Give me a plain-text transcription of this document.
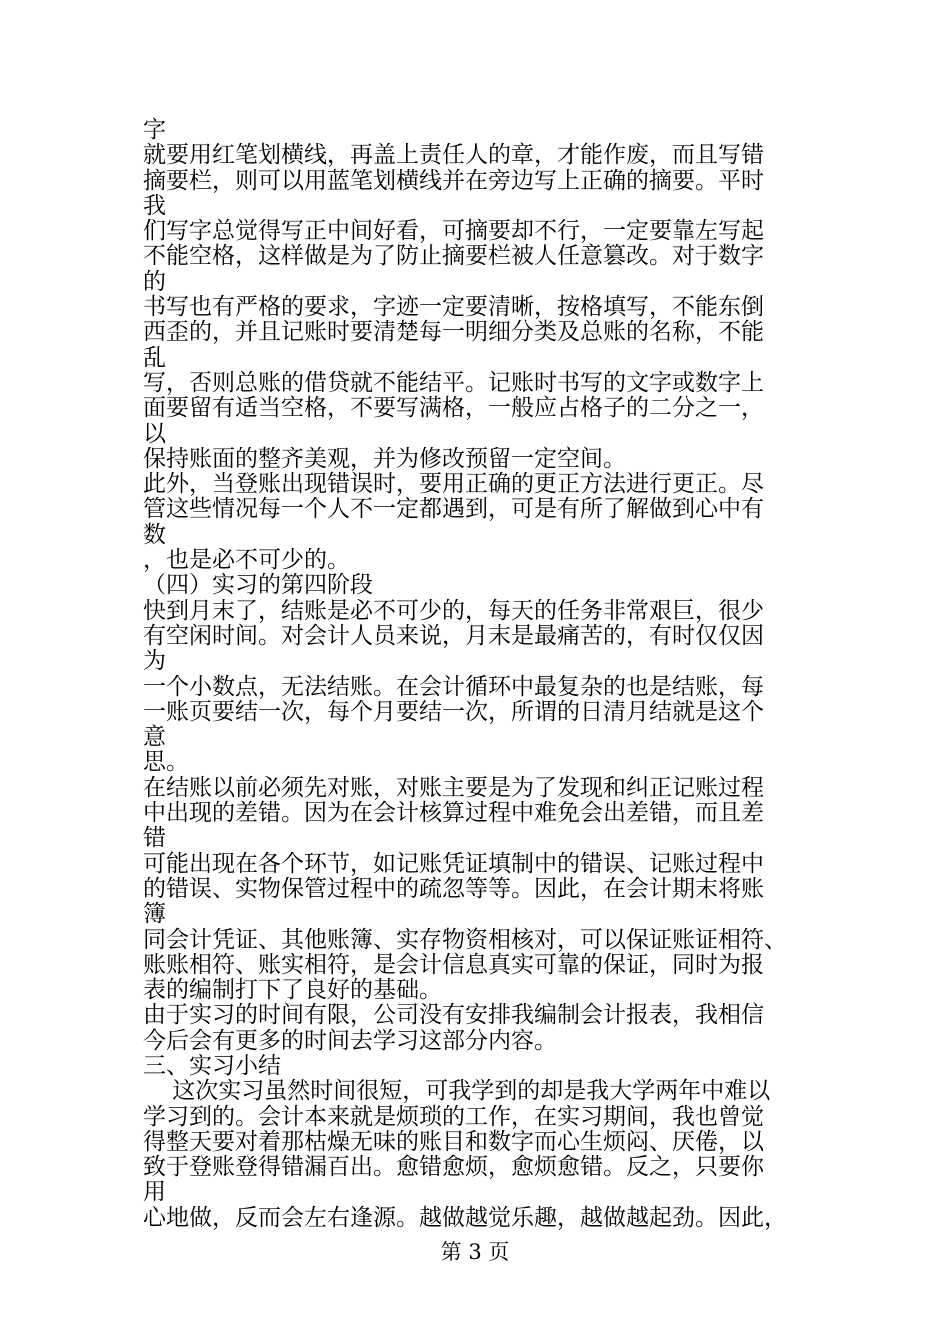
字
就要用红笔划横线，再盖上责任人的章，才能作废，而且写错
摘要栏，则可以用蓝笔划横线并在旁边写上正确的摘要。平时
我
们写字总觉得写正中间好看，可摘要却不行，一定要靠左写起
不能空格，这样做是为了防止摘要栏被人任意篡改。对于数字
的
书写也有严格的要求，字迹一定要清晰，按格填写，不能东倒
西歪的，并且记账时要清楚每一明细分类及总账的名称，不能
乱
写，否则总账的借贷就不能结平。记账时书写的文字或数字上
面要留有适当空格，不要写满格，一般应占格子的二分之一，
以
保持账面的整齐美观，并为修改预留一定空间。
此外，当登账出现错误时，要用正确的更正方法进行更正。尽
管这些情况每一个人不一定都遇到，可是有所了解做到心中有
数
，也是必不可少的。
（四）实习的第四阶段
快到月末了，结账是必不可少的，每天的任务非常艰巨，很少
有空闲时间。对会计人员来说，月末是最痛苦的，有时仅仅因
为
一个小数点，无法结账。在会计循环中最复杂的也是结账，每
一账页要结一次，每个月要结一次，所谓的日清月结就是这个
意
思。
在结账以前必须先对账，对账主要是为了发现和纠正记账过程
中出现的差错。因为在会计核算过程中难免会出差错，而且差
错
可能出现在各个环节，如记账凭证填制中的错误、记账过程中
的错误、实物保管过程中的疏忽等等。因此，在会计期末将账
簿
同会计凭证、其他账簿、实存物资相核对，可以保证账证相符、
账账相符、账实相符，是会计信息真实可靠的保证，同时为报
表的编制打下了良好的基础。
由于实习的时间有限，公司没有安排我编制会计报表，我相信
今后会有更多的时间去学习这部分内容。
三、实习小结
这次实习虽然时间很短，可我学到的却是我大学两年中难以
学习到的。会计本来就是烦琐的工作，在实习期间，我也曾觉
得整天要对着那枯燥无味的账目和数字而心生烦闷、厌倦，以
致于登账登得错漏百出。愈错愈烦，愈烦愈错。反之，只要你
用
心地做，反而会左右逢源。越做越觉乐趣，越做越起劲。因此，
第 3 页
